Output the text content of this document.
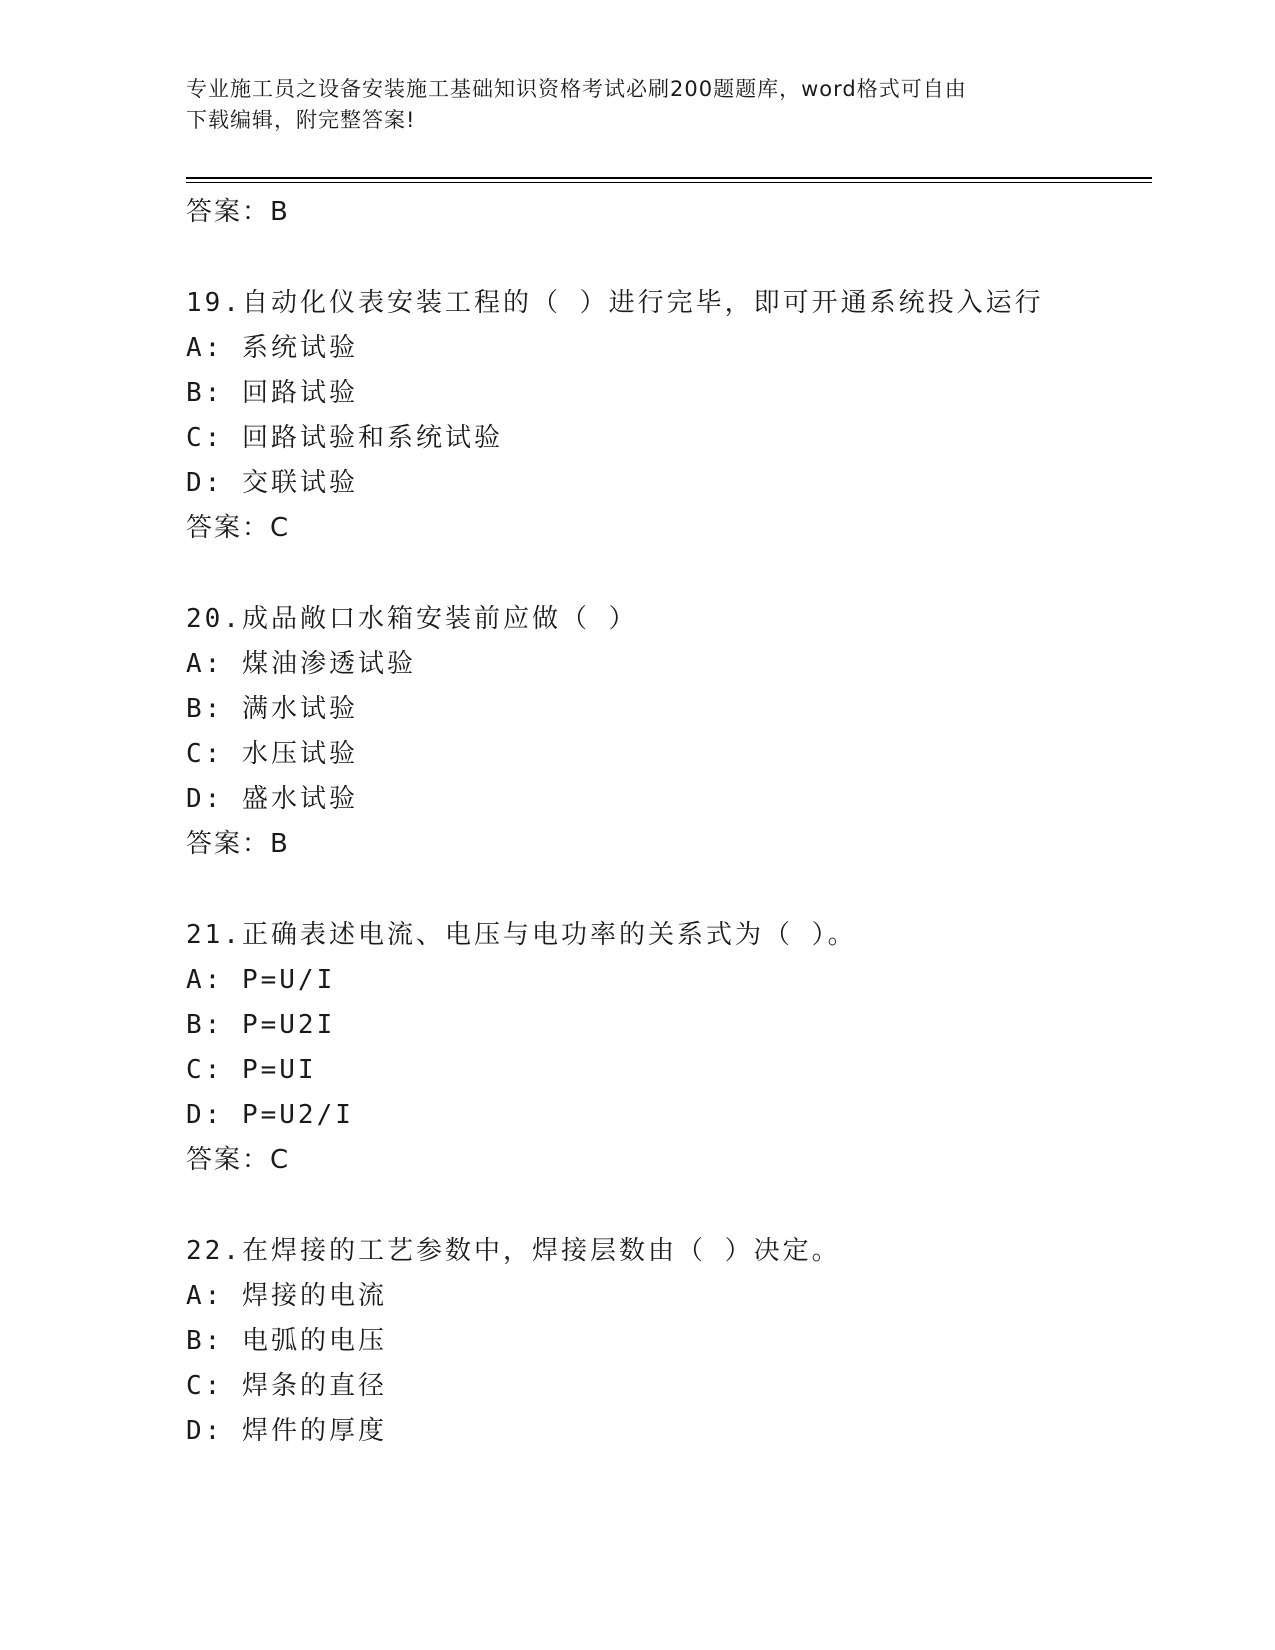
专业施工员之设备安装施工基础知识资格考试必刷200题题库，word格式可自由
下载编辑，附完整答案!
答案：B
19.自动化仪表安装工程的（ ）进行完毕，即可开通系统投入运行
A: 系统试验
B: 回路试验
C: 回路试验和系统试验
D: 交联试验
答案：C
20.成品敞口水箱安装前应做（ ）
A: 煤油渗透试验
B: 满水试验
C: 水压试验
D: 盛水试验
答案：B
21.正确表述电流、电压与电功率的关系式为（ ）。
A: P=U/I
B: P=U2I
C: P=UI
D: P=U2/I
答案：C
22.在焊接的工艺参数中，焊接层数由（ ）决定。
A: 焊接的电流
B: 电弧的电压
C: 焊条的直径
D: 焊件的厚度
